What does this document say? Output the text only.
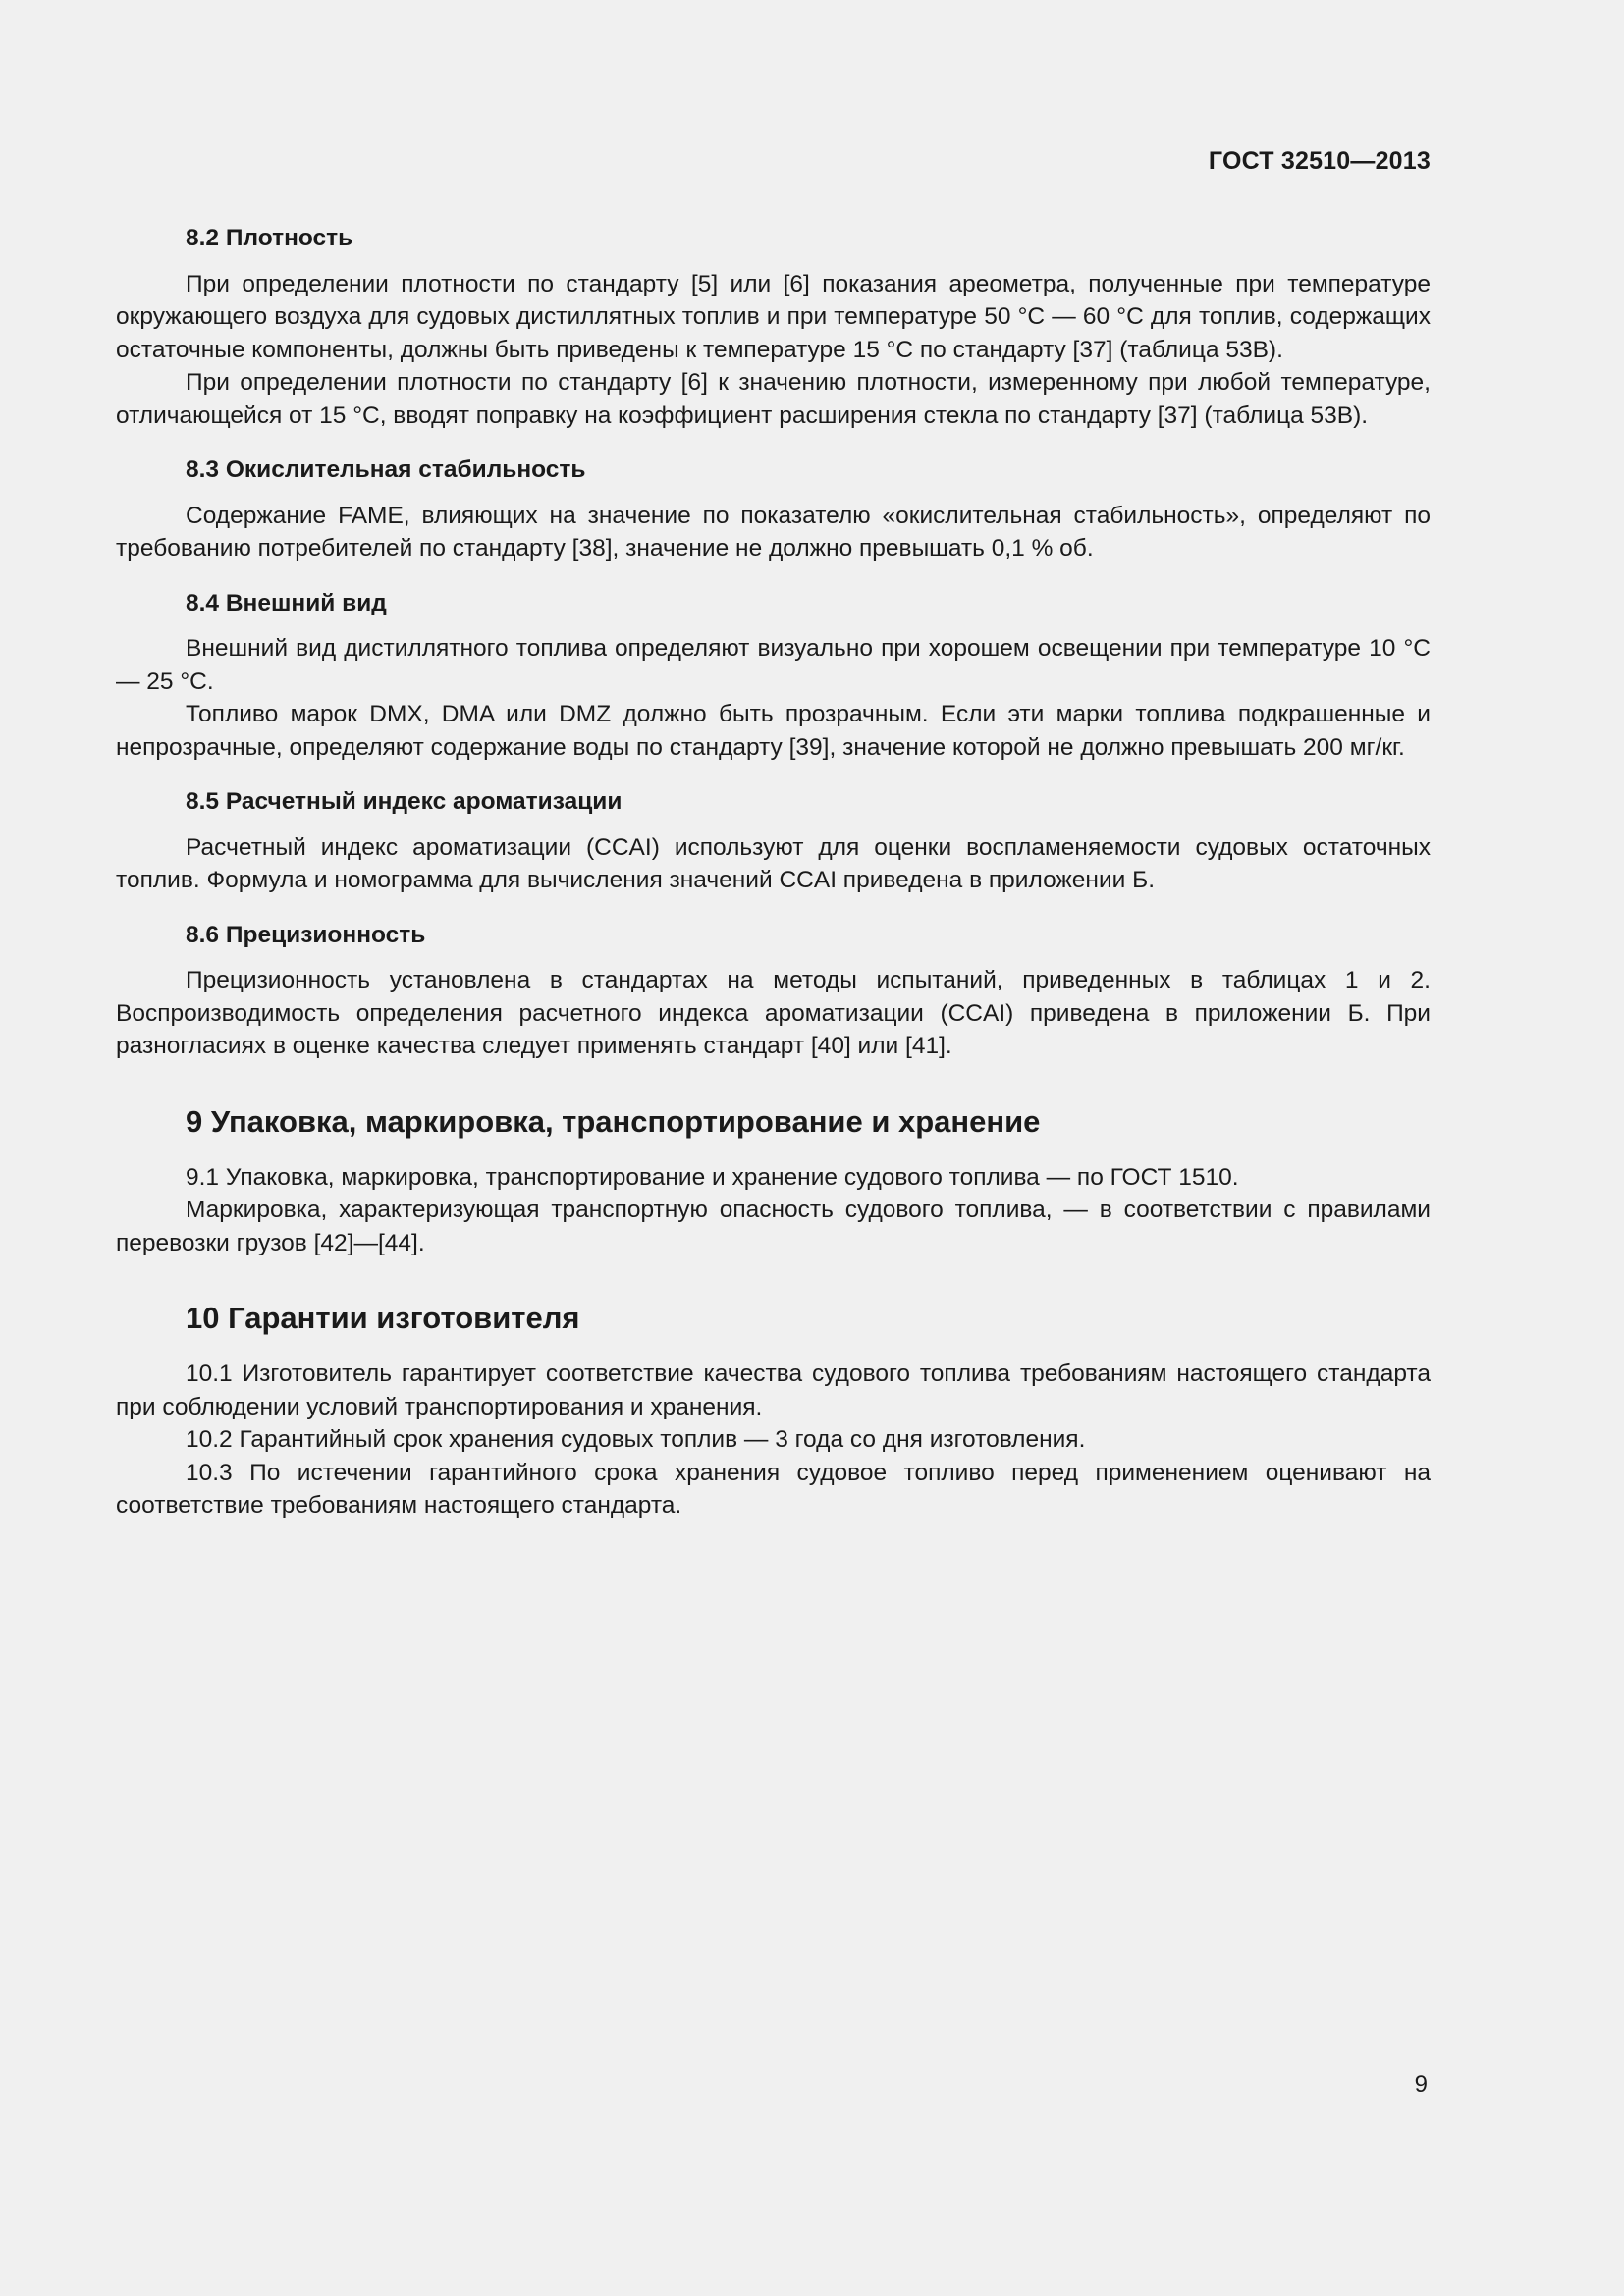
ГОСТ 32510—2013
8.2 Плотность

При определении плотности по стандарту [5] или [6] показания ареометра, полученные при температуре окружающего воздуха для судовых дистиллятных топлив и при температуре 50 °С — 60 °С для топлив, содержащих остаточные компоненты, должны быть приведены к температуре 15 °С по стандарту [37] (таблица 53В).

При определении плотности по стандарту [6] к значению плотности, измеренному при любой температуре, отличающейся от 15 °С, вводят поправку на коэффициент расширения стекла по стандарту [37] (таблица 53В).

8.3 Окислительная стабильность

Содержание FAME, влияющих на значение по показателю «окислительная стабильность», определяют по требованию потребителей по стандарту [38], значение не должно превышать 0,1 % об.

8.4 Внешний вид

Внешний вид дистиллятного топлива определяют визуально при хорошем освещении при температуре 10 °С — 25 °С.

Топливо марок DMX, DMA или DMZ должно быть прозрачным. Если эти марки топлива подкрашенные и непрозрачные, определяют содержание воды по стандарту [39], значение которой не должно превышать 200 мг/кг.

8.5 Расчетный индекс ароматизации

Расчетный индекс ароматизации (CCAI) используют для оценки воспламеняемости судовых остаточных топлив. Формула и номограмма для вычисления значений CCAI приведена в приложении Б.

8.6 Прецизионность

Прецизионность установлена в стандартах на методы испытаний, приведенных в таблицах 1 и 2. Воспроизводимость определения расчетного индекса ароматизации (CCAI) приведена в приложении Б. При разногласиях в оценке качества следует применять стандарт [40] или [41].

9 Упаковка, маркировка, транспортирование и хранение

9.1 Упаковка, маркировка, транспортирование и хранение судового топлива — по ГОСТ 1510.

Маркировка, характеризующая транспортную опасность судового топлива, — в соответствии с правилами перевозки грузов [42]—[44].

10 Гарантии изготовителя

10.1 Изготовитель гарантирует соответствие качества судового топлива требованиям настоящего стандарта при соблюдении условий транспортирования и хранения.

10.2 Гарантийный срок хранения судовых топлив — 3 года со дня изготовления.

10.3 По истечении гарантийного срока хранения судовое топливо перед применением оценивают на соответствие требованиям настоящего стандарта.

9
